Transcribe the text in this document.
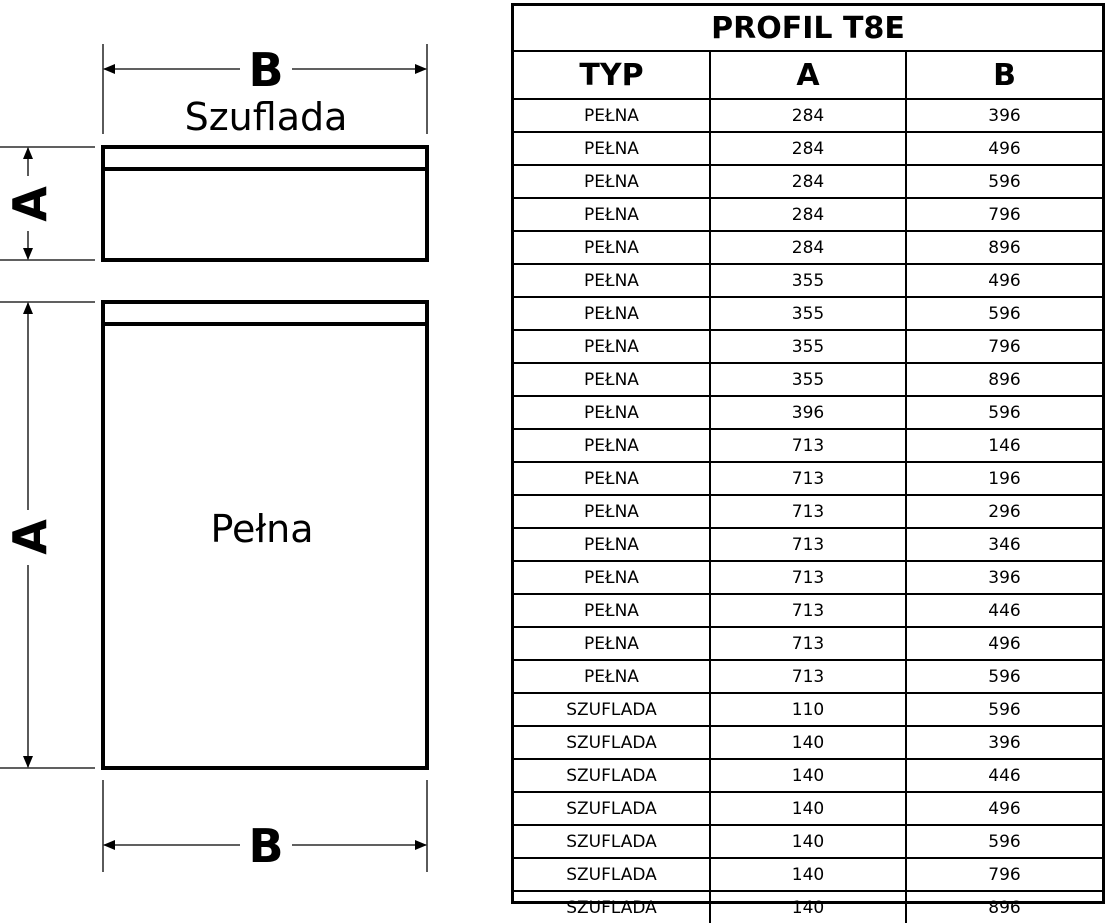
B
Szuflada
A
Pełna
A
B
PROFIL T8E		
TYP	A	B
PEŁNA	284	396
PEŁNA	284	496
PEŁNA	284	596
PEŁNA	284	796
PEŁNA	284	896
PEŁNA	355	496
PEŁNA	355	596
PEŁNA	355	796
PEŁNA	355	896
PEŁNA	396	596
PEŁNA	713	146
PEŁNA	713	196
PEŁNA	713	296
PEŁNA	713	346
PEŁNA	713	396
PEŁNA	713	446
PEŁNA	713	496
PEŁNA	713	596
SZUFLADA	110	596
SZUFLADA	140	396
SZUFLADA	140	446
SZUFLADA	140	496
SZUFLADA	140	596
SZUFLADA	140	796
SZUFLADA	140	896
